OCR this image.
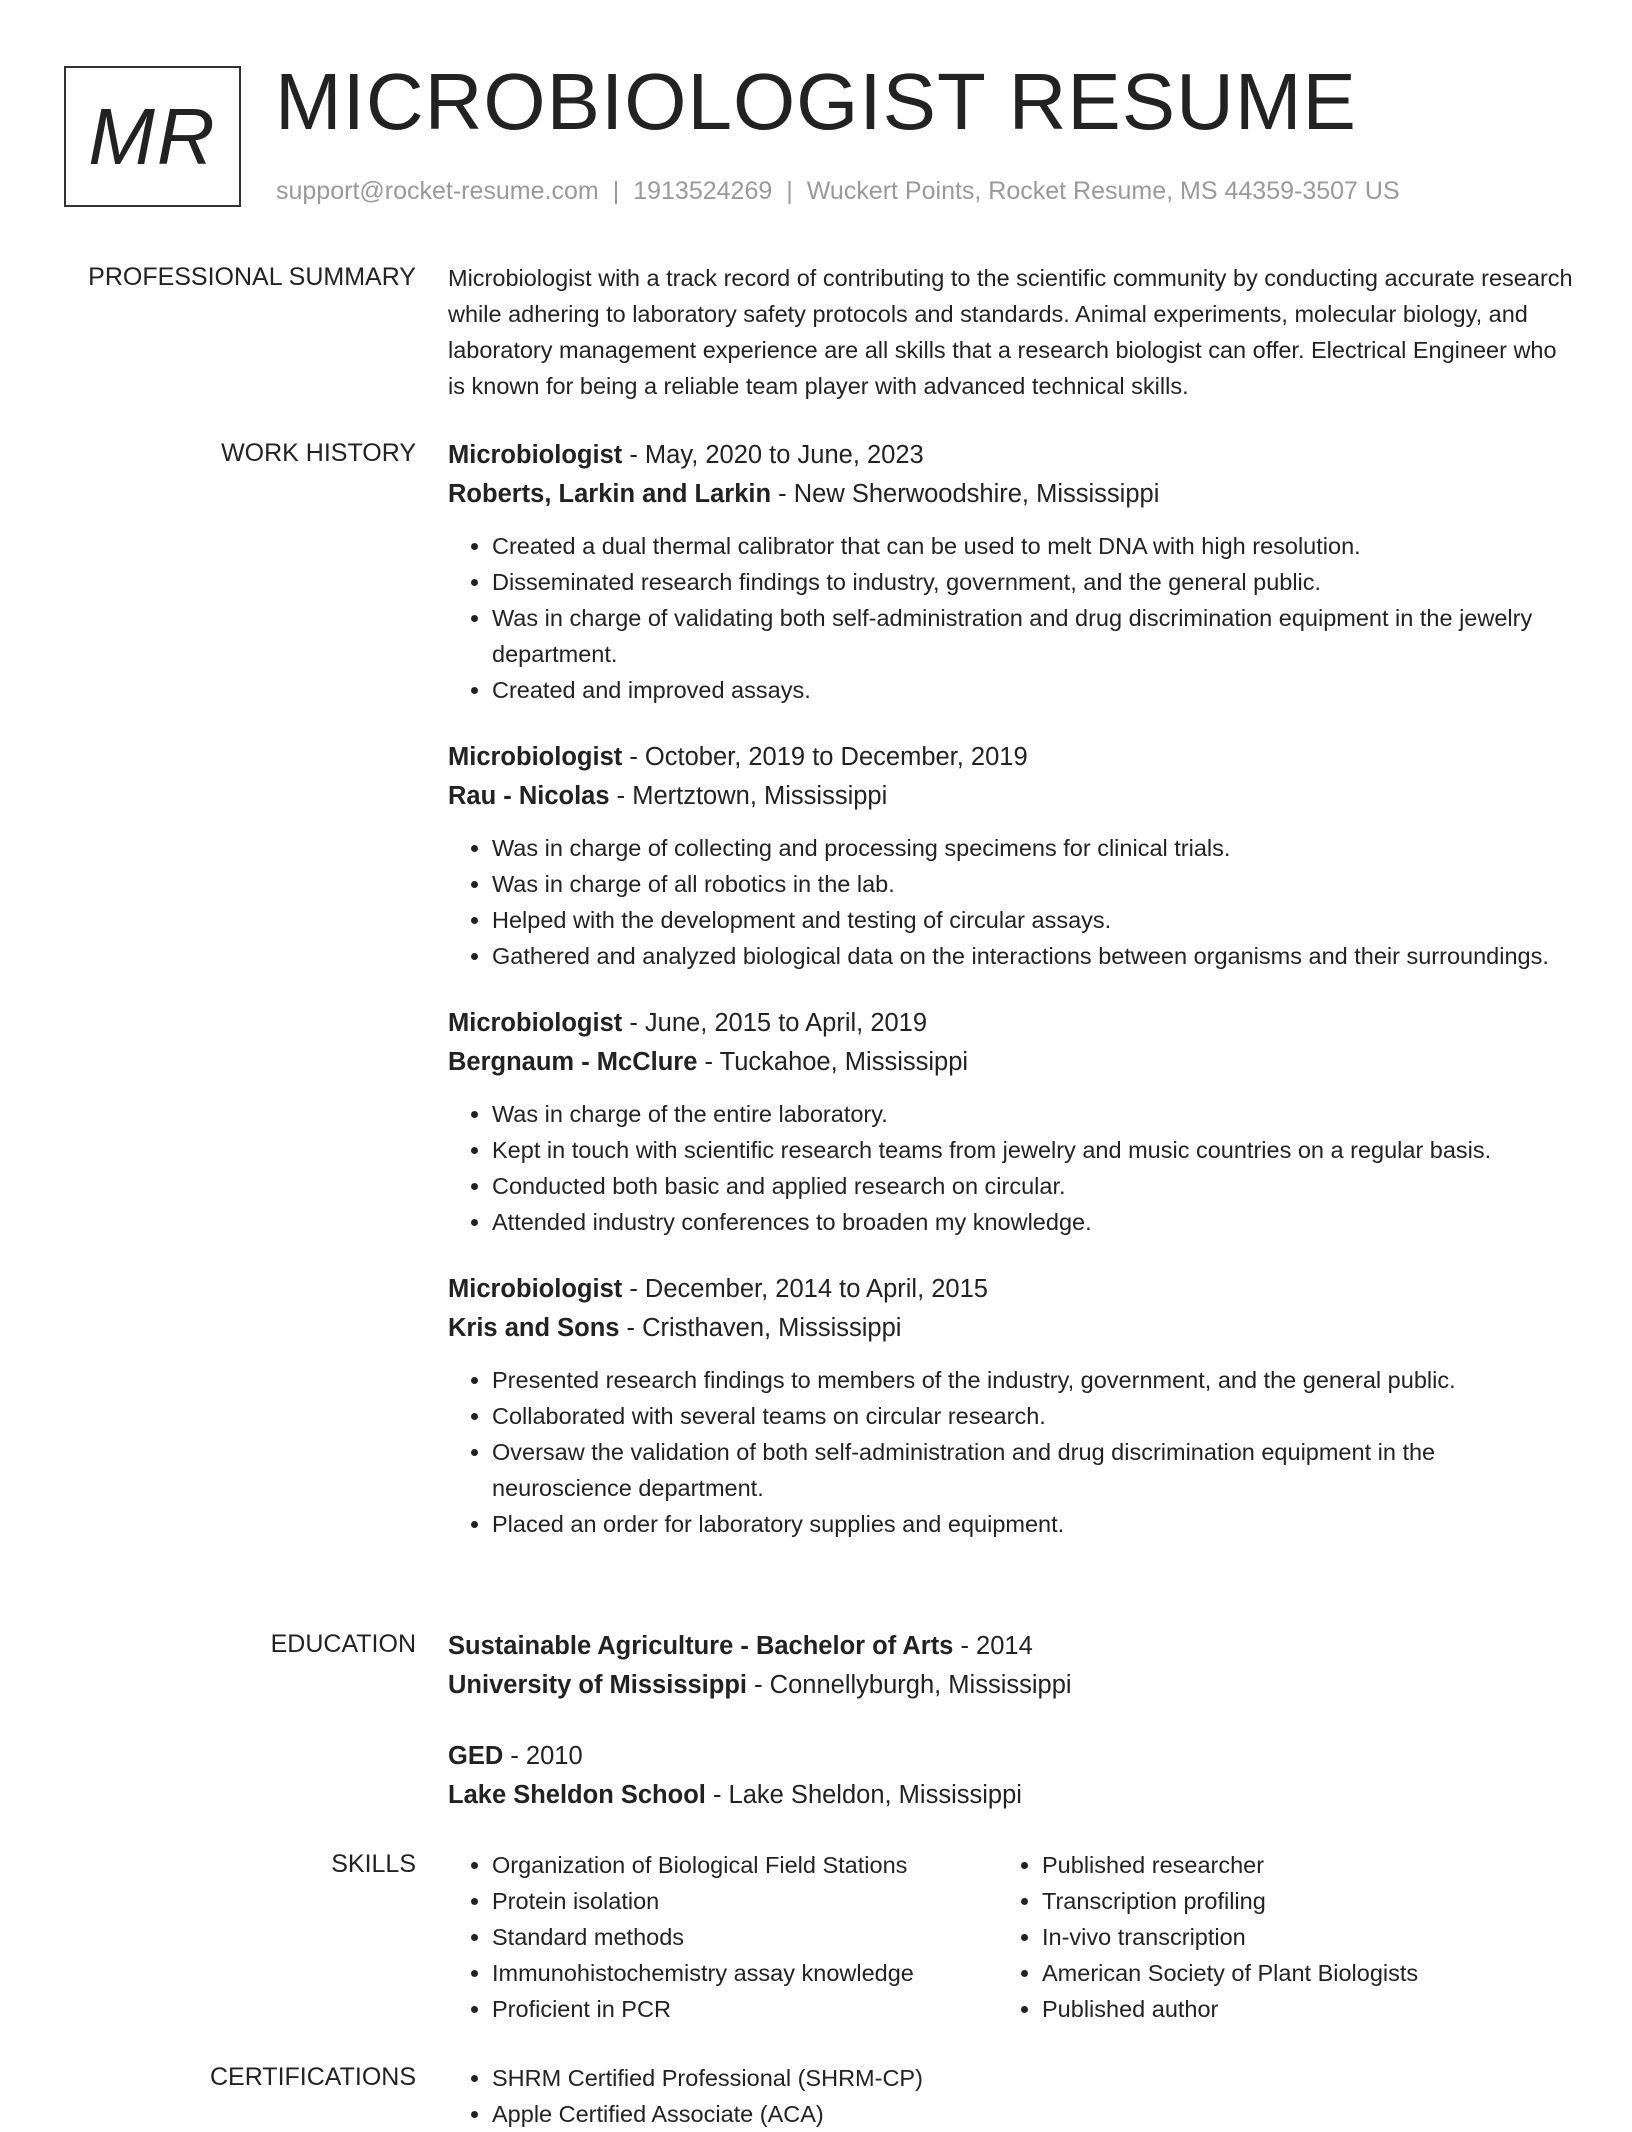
MR MICROBIOLOGIST RESUME
support@rocket-resume.com | 1913524269 | Wuckert Points, Rocket Resume, MS 44359-3507 US
PROFESSIONAL SUMMARY Microbiologist with a track record of contributing to the scientific community by conducting accurate research while adhering to laboratory safety protocols and standards. Animal experiments, molecular biology, and laboratory management experience are all skills that a research biologist can offer. Electrical Engineer who is known for being a reliable team player with advanced technical skills.

WORK HISTORY Microbiologist - May, 2020 to June, 2023
Roberts, Larkin and Larkin - New Sherwoodshire, Mississippi
• Created a dual thermal calibrator that can be used to melt DNA with high resolution.
• Disseminated research findings to industry, government, and the general public.
• Was in charge of validating both self-administration and drug discrimination equipment in the jewelry department.
• Created and improved assays.
Microbiologist - October, 2019 to December, 2019
Rau - Nicolas - Mertztown, Mississippi
• Was in charge of collecting and processing specimens for clinical trials.
• Was in charge of all robotics in the lab.
• Helped with the development and testing of circular assays.
• Gathered and analyzed biological data on the interactions between organisms and their surroundings.
Microbiologist - June, 2015 to April, 2019
Bergnaum - McClure - Tuckahoe, Mississippi
• Was in charge of the entire laboratory.
• Kept in touch with scientific research teams from jewelry and music countries on a regular basis.
• Conducted both basic and applied research on circular.
• Attended industry conferences to broaden my knowledge.
Microbiologist - December, 2014 to April, 2015
Kris and Sons - Cristhaven, Mississippi
• Presented research findings to members of the industry, government, and the general public.
• Collaborated with several teams on circular research.
• Oversaw the validation of both self-administration and drug discrimination equipment in the neuroscience department.
• Placed an order for laboratory supplies and equipment.
EDUCATION Sustainable Agriculture - Bachelor of Arts - 2014
University of Mississippi - Connellyburgh, Mississippi
GED - 2010
Lake Sheldon School - Lake Sheldon, Mississippi
SKILLS	• Organization of Biological Field Stations
• Protein isolation
• Standard methods
• Immunohistochemistry assay knowledge
• Proficient in PCR
• Published researcher
• Transcription profiling
• In-vivo transcription
• American Society of Plant Biologists
• Published author
CERTIFICATIONS	• SHRM Certified Professional (SHRM-CP)
• Apple Certified Associate (ACA)
